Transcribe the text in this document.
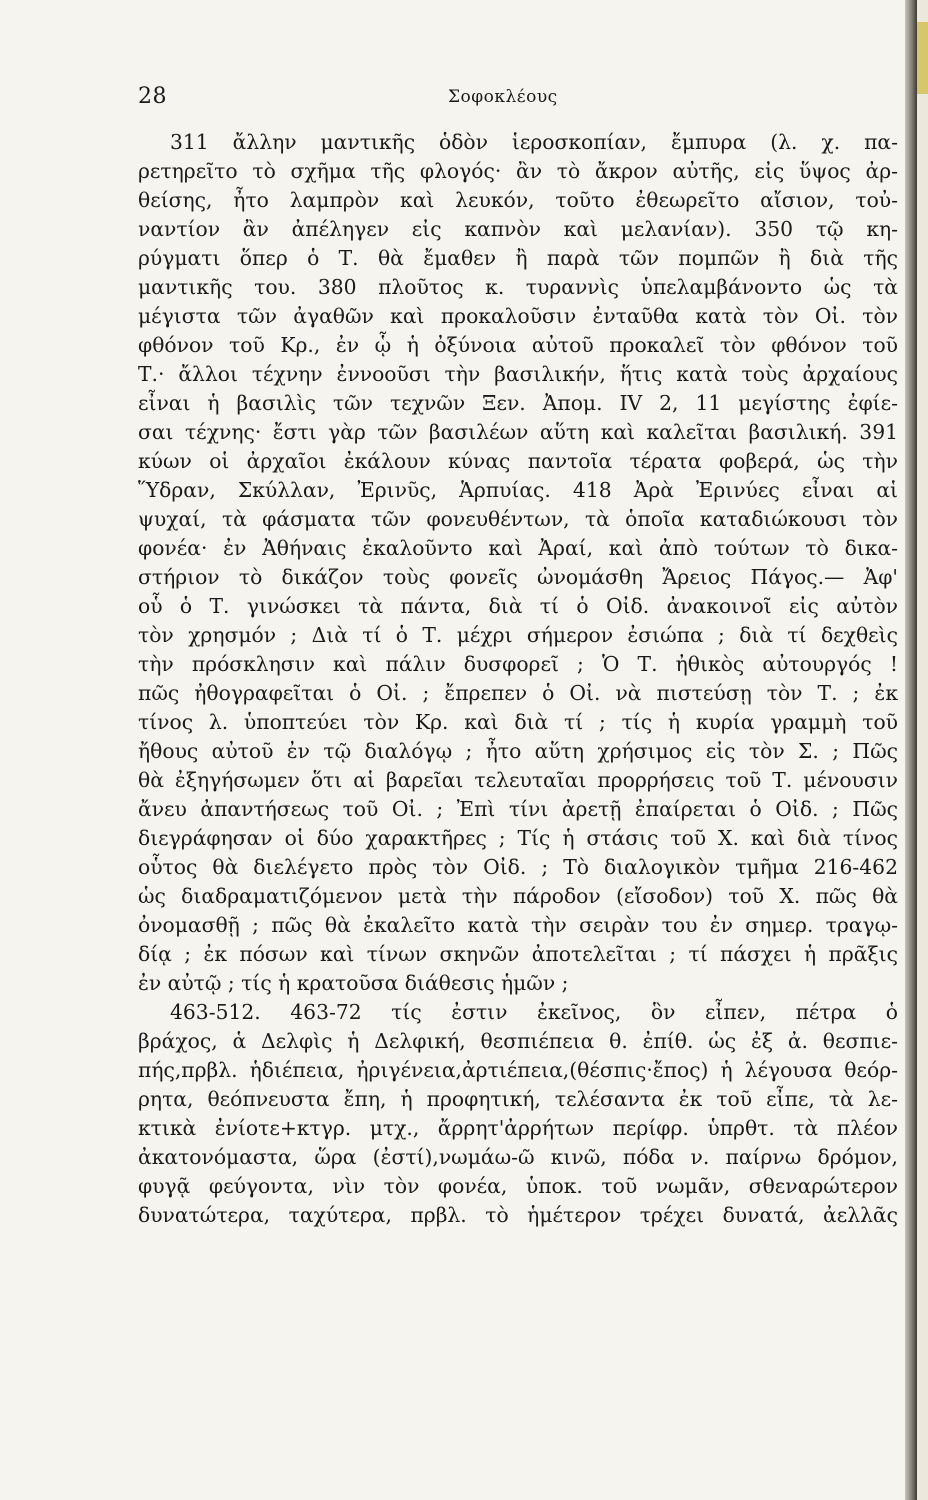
28	Σοφοκλέους
311 ἄλλην μαντικῆς ὁδὸν ἱεροσκοπίαν, ἔμπυρα (λ. χ. πα-
ρετηρεῖτο τὸ σχῆμα τῆς φλογός· ἂν τὸ ἄκρον αὐτῆς, εἰς ὕψος ἀρ-
θείσης, ἦτο λαμπρὸν καὶ λευκόν, τοῦτο ἐθεωρεῖτο αἴσιον, τοὐ-
ναντίον ἂν ἀπέληγεν εἰς καπνὸν καὶ μελανίαν). 350 τῷ κη-
ρύγματι ὅπερ ὁ Τ. θὰ ἔμαθεν ἢ παρὰ τῶν πομπῶν ἢ διὰ τῆς
μαντικῆς του. 380 πλοῦτος κ. τυραννὶς ὑπελαμβάνοντο ὡς τὰ
μέγιστα τῶν ἀγαθῶν καὶ προκαλοῦσιν ἐνταῦθα κατὰ τὸν Οἰ. τὸν
φθόνον τοῦ Κρ., ἐν ᾧ ἡ ὀξύνοια αὐτοῦ προκαλεῖ τὸν φθόνον τοῦ
Τ.· ἄλλοι τέχνην ἐννοοῦσι τὴν βασιλικήν, ἥτις κατὰ τοὺς ἀρχαίους
εἶναι ἡ βασιλὶς τῶν τεχνῶν Ξεν. Ἀπομ. IV 2, 11 μεγίστης ἐφίε-
σαι τέχνης· ἔστι γὰρ τῶν βασιλέων αὕτη καὶ καλεῖται βασιλική. 391
κύων οἱ ἀρχαῖοι ἐκάλουν κύνας παντοῖα τέρατα φοβερά, ὡς τὴν
Ὕδραν, Σκύλλαν, Ἐρινῦς, Ἁρπυίας. 418 Ἀρὰ Ἐρινύες εἶναι αἱ
ψυχαί, τὰ φάσματα τῶν φονευθέντων, τὰ ὁποῖα καταδιώκουσι τὸν
φονέα· ἐν Ἀθήναις ἐκαλοῦντο καὶ Ἀραί, καὶ ἀπὸ τούτων τὸ δικα-
στήριον τὸ δικάζον τοὺς φονεῖς ὠνομάσθη Ἄρειος Πάγος.— Ἀφ'
οὗ ὁ Τ. γινώσκει τὰ πάντα, διὰ τί ὁ Οἰδ. ἀνακοινοῖ εἰς αὐτὸν
τὸν χρησμόν ; Διὰ τί ὁ Τ. μέχρι σήμερον ἐσιώπα ; διὰ τί δεχθεὶς
τὴν πρόσκλησιν καὶ πάλιν δυσφορεῖ ; Ὁ Τ. ἠθικὸς αὐτουργός !
πῶς ἠθογραφεῖται ὁ Οἰ. ; ἔπρεπεν ὁ Οἰ. νὰ πιστεύσῃ τὸν Τ. ; ἐκ
τίνος λ. ὑποπτεύει τὸν Κρ. καὶ διὰ τί ; τίς ἡ κυρία γραμμὴ τοῦ
ἤθους αὐτοῦ ἐν τῷ διαλόγῳ ; ἦτο αὕτη χρήσιμος εἰς τὸν Σ. ; Πῶς
θὰ ἐξηγήσωμεν ὅτι αἱ βαρεῖαι τελευταῖαι προρρήσεις τοῦ Τ. μένουσιν
ἄνευ ἀπαντήσεως τοῦ Οἰ. ; Ἐπὶ τίνι ἀρετῇ ἐπαίρεται ὁ Οἰδ. ; Πῶς
διεγράφησαν οἱ δύο χαρακτῆρες ; Τίς ἡ στάσις τοῦ Χ. καὶ διὰ τίνος
οὗτος θὰ διελέγετο πρὸς τὸν Οἰδ. ; Τὸ διαλογικὸν τμῆμα 216-462
ὡς διαδραματιζόμενον μετὰ τὴν πάροδον (εἴσοδον) τοῦ Χ. πῶς θὰ
ὀνομασθῇ ; πῶς θὰ ἐκαλεῖτο κατὰ τὴν σειρὰν του ἐν σημερ. τραγῳ-
δίᾳ ; ἐκ πόσων καὶ τίνων σκηνῶν ἀποτελεῖται ; τί πάσχει ἡ πρᾶξις
ἐν αὐτῷ ; τίς ἡ κρατοῦσα διάθεσις ἡμῶν ;
463-512. 463-72 τίς ἐστιν ἐκεῖνος, ὃν εἶπεν, πέτρα ὁ
βράχος, ἁ Δελφὶς ἡ Δελφική, θεσπιέπεια θ. ἐπίθ. ὡς ἐξ ἀ. θεσπιε-
πής,πρβλ. ἡδιέπεια, ἠριγένεια,ἀρτιέπεια,(θέσπις·ἔπος) ἡ λέγουσα θεόρ-
ρητα, θεόπνευστα ἔπη, ἡ προφητική, τελέσαντα ἐκ τοῦ εἶπε, τὰ λε-
κτικὰ ἐνίοτε+κτγρ. μτχ., ἄρρητ'ἀρρήτων περίφρ. ὑπρθτ. τὰ πλέον
ἀκατονόμαστα, ὥρα (ἐστί),νωμάω-ῶ κινῶ, πόδα ν. παίρνω δρόμον,
φυγᾷ φεύγοντα, νὶν τὸν φονέα, ὑποκ. τοῦ νωμᾶν, σθεναρώτερον
δυνατώτερα, ταχύτερα, πρβλ. τὸ ἡμέτερον τρέχει δυνατά, ἀελλᾶς
